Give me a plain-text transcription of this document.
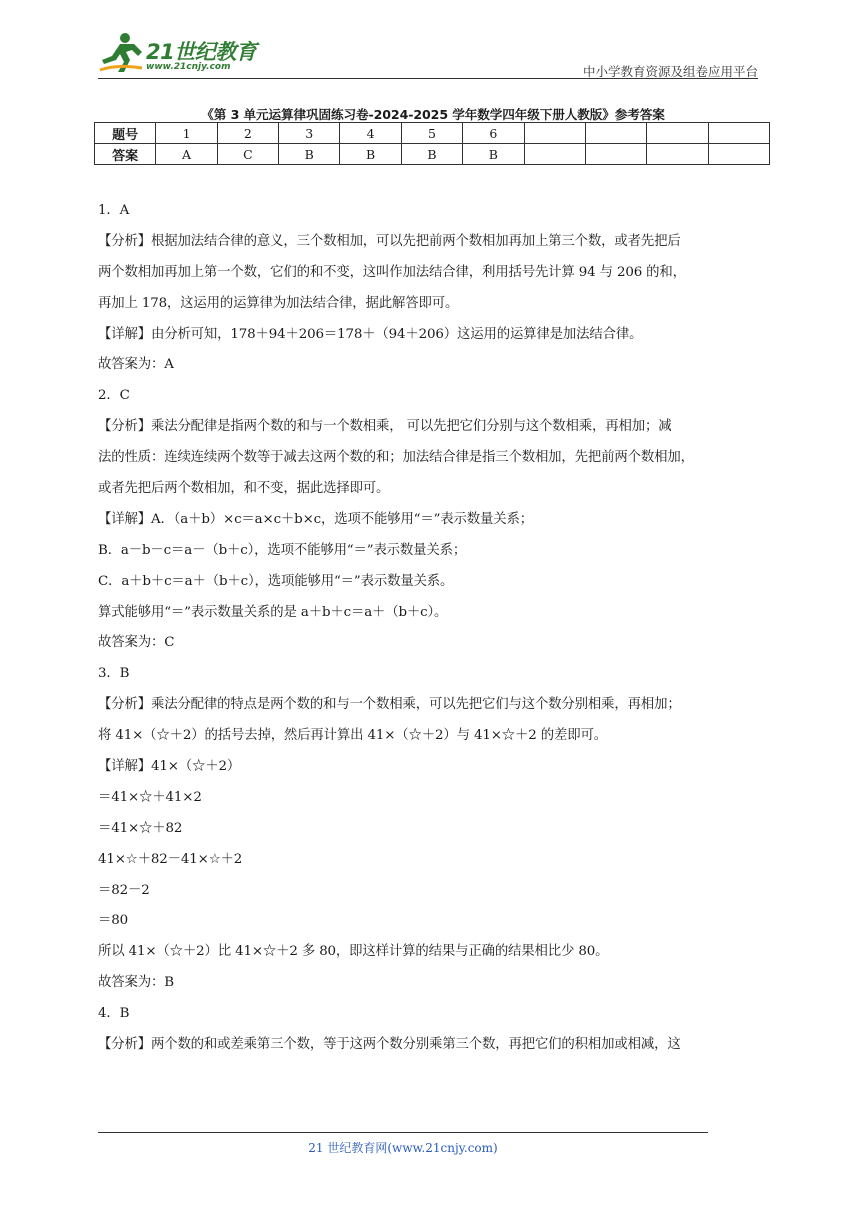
21世纪教育
www.21cnjy.com	中小学教育资源及组卷应用平台
《第 3 单元运算律巩固练习卷-2024-2025 学年数学四年级下册人教版》参考答案
题号	1	2	3	4	5	6				
答案	A	C	B	B	B	B				
1．A
【分析】根据加法结合律的意义，三个数相加，可以先把前两个数相加再加上第三个数，或者先把后
两个数相加再加上第一个数，它们的和不变，这叫作加法结合律，利用括号先计算 94 与 206 的和，
再加上 178，这运用的运算律为加法结合律，据此解答即可。
【详解】由分析可知，178＋94＋206＝178＋（94＋206）这运用的运算律是加法结合律。
故答案为：A
2．C
【分析】乘法分配律是指两个数的和与一个数相乘， 可以先把它们分别与这个数相乘，再相加；减
法的性质：连续连续两个数等于减去这两个数的和；加法结合律是指三个数相加，先把前两个数相加，
或者先把后两个数相加，和不变，据此选择即可。
【详解】A．（a＋b）×c＝a×c＋b×c，选项不能够用“＝”表示数量关系；
B．a－b－c＝a－（b＋c），选项不能够用“＝”表示数量关系；
C．a＋b＋c＝a＋（b＋c），选项能够用“＝”表示数量关系。
算式能够用“＝”表示数量关系的是 a＋b＋c＝a＋（b＋c）。
故答案为：C
3．B
【分析】乘法分配律的特点是两个数的和与一个数相乘，可以先把它们与这个数分别相乘，再相加；
将 41×（☆＋2）的括号去掉，然后再计算出 41×（☆＋2）与 41×☆＋2 的差即可。
【详解】41×（☆＋2）
＝41×☆＋41×2
＝41×☆＋82
41×☆＋82－41×☆＋2
＝82－2
＝80
所以 41×（☆＋2）比 41×☆＋2 多 80，即这样计算的结果与正确的结果相比少 80。
故答案为：B
4．B
【分析】两个数的和或差乘第三个数，等于这两个数分别乘第三个数，再把它们的积相加或相减，这
21 世纪教育网(www.21cnjy.com)
